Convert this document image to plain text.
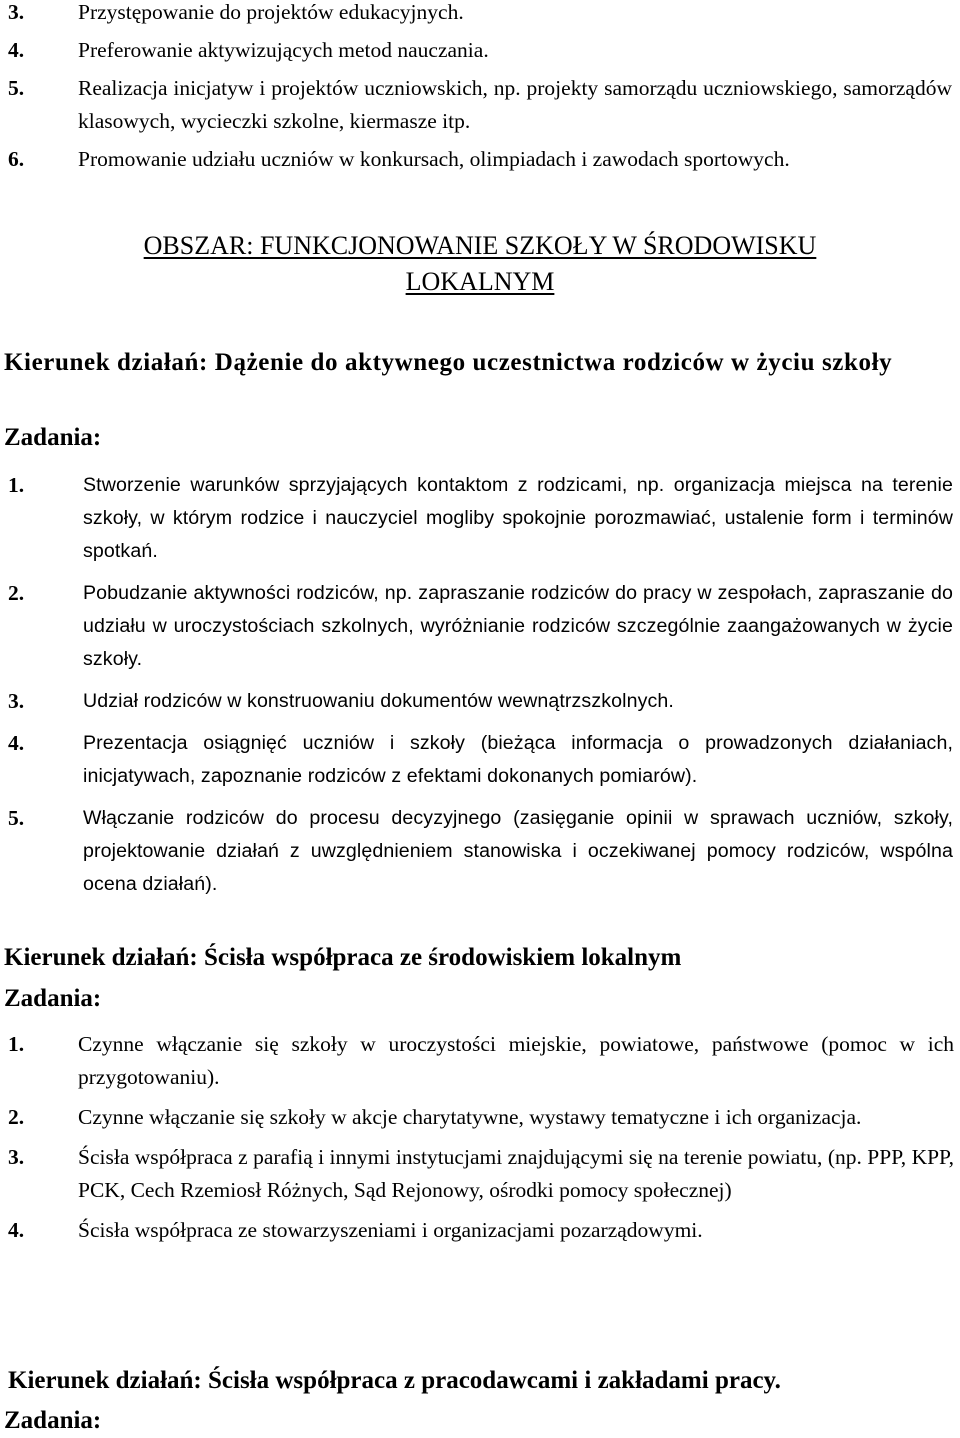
3.	Przystępowanie do projektów edukacyjnych.
4.	Preferowanie aktywizujących metod nauczania.
5.	Realizacja inicjatyw i projektów uczniowskich, np. projekty samorządu uczniowskiego, samorządów klasowych, wycieczki szkolne, kiermasze itp.
6.	Promowanie udziału uczniów w konkursach, olimpiadach i zawodach sportowych.
OBSZAR: FUNKCJONOWANIE SZKOŁY W ŚRODOWISKU
LOKALNYM
Kierunek działań: Dążenie do aktywnego uczestnictwa rodziców w życiu szkoły
Zadania:
1.	Stworzenie warunków sprzyjających kontaktom z rodzicami, np. organizacja miejsca na terenie szkoły, w którym rodzice i nauczyciel mogliby spokojnie porozmawiać, ustalenie form i terminów spotkań.
2.	Pobudzanie aktywności rodziców, np. zapraszanie rodziców do pracy w zespołach, zapraszanie do udziału w uroczystościach szkolnych, wyróżnianie rodziców szczególnie zaangażowanych w życie szkoły.
3.	Udział rodziców w konstruowaniu dokumentów wewnątrzszkolnych.
4.	Prezentacja osiągnięć uczniów i szkoły (bieżąca informacja o prowadzonych działaniach, inicjatywach, zapoznanie rodziców z efektami dokonanych pomiarów).
5.	Włączanie rodziców do procesu decyzyjnego (zasięganie opinii w sprawach uczniów, szkoły, projektowanie działań z uwzględnieniem stanowiska i oczekiwanej pomocy rodziców, wspólna ocena działań).
Kierunek działań: Ścisła współpraca ze środowiskiem lokalnym
Zadania:
1.	Czynne włączanie się szkoły w uroczystości miejskie, powiatowe, państwowe (pomoc w ich przygotowaniu).
2.	Czynne włączanie się szkoły w akcje charytatywne, wystawy tematyczne i ich organizacja.
3.	Ścisła współpraca z parafią i innymi instytucjami znajdującymi się na terenie powiatu, (np. PPP, KPP, PCK, Cech Rzemiosł Różnych, Sąd Rejonowy, ośrodki pomocy społecznej)
4.	Ścisła współpraca ze stowarzyszeniami i organizacjami pozarządowymi.
Kierunek działań: Ścisła współpraca z pracodawcami i zakładami pracy.
Zadania:
